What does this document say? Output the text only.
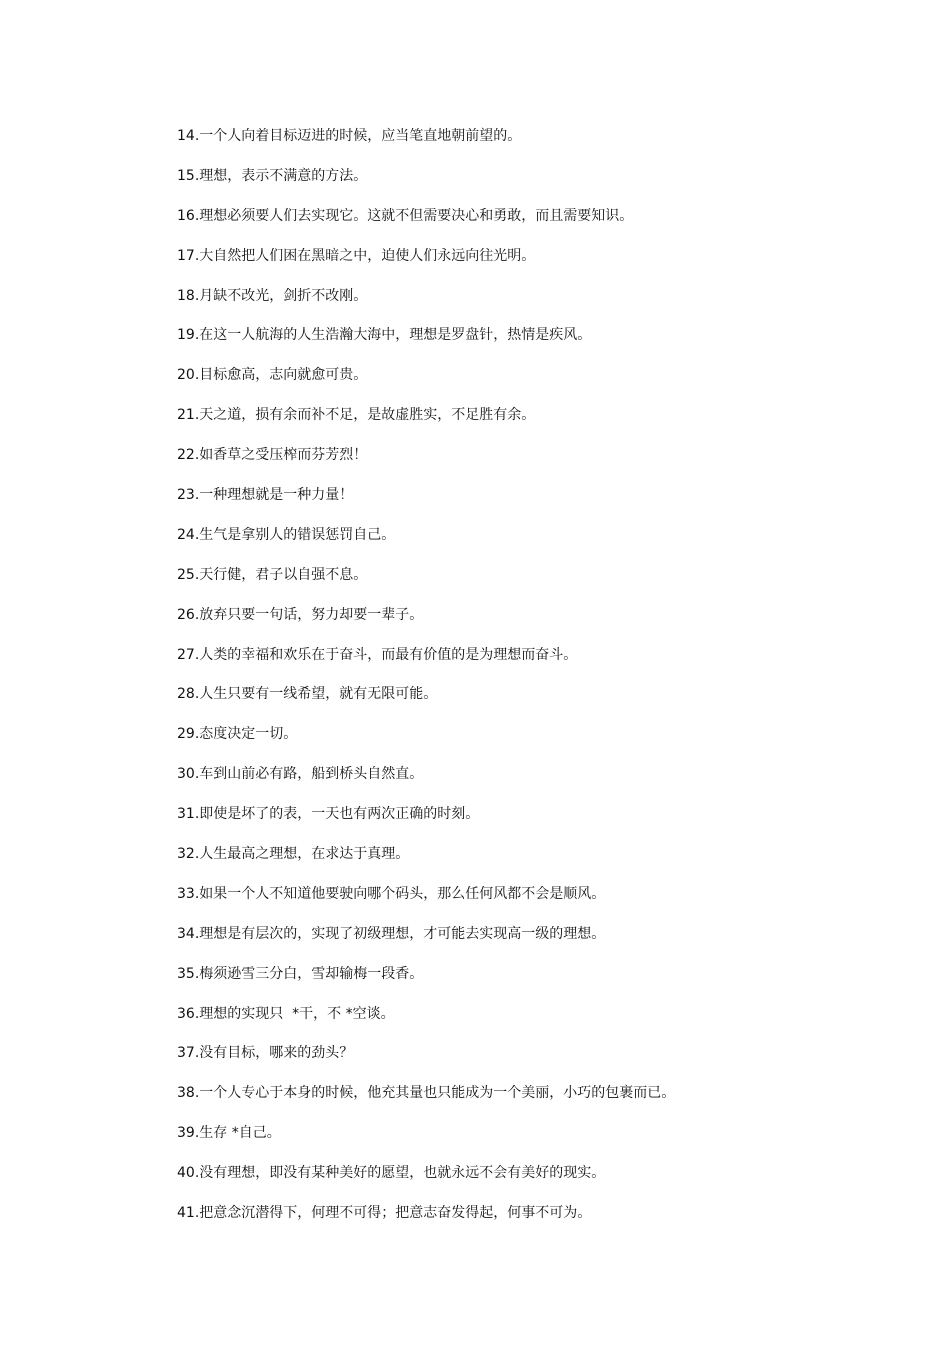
14. 一个人向着目标迈进的时候，应当笔直地朝前望的。
15. 理想，表示不满意的方法。
16. 理想必须要人们去实现它。这就不但需要决心和勇敢，而且需要知识。
17. 大自然把人们困在黑暗之中，迫使人们永远向往光明。
18. 月缺不改光，剑折不改刚。
19. 在这一人航海的人生浩瀚大海中，理想是罗盘针，热情是疾风。
20. 目标愈高，志向就愈可贵。
21. 天之道，损有余而补不足，是故虚胜实，不足胜有余。
22. 如香草之受压榨而芬芳烈！
23. 一种理想就是一种力量！
24. 生气是拿别人的错误惩罚自己。
25. 天行健，君子以自强不息。
26. 放弃只要一句话，努力却要一辈子。
27. 人类的幸福和欢乐在于奋斗，而最有价值的是为理想而奋斗。
28. 人生只要有一线希望，就有无限可能。
29. 态度决定一切。
30. 车到山前必有路，船到桥头自然直。
31. 即使是坏了的表，一天也有两次正确的时刻。
32. 人生最高之理想，在求达于真理。
33. 如果一个人不知道他要驶向哪个码头，那么任何风都不会是顺风。
34. 理想是有层次的，实现了初级理想，才可能去实现高一级的理想。
35. 梅须逊雪三分白，雪却输梅一段香。
36. 理想的实现只  *干，不 *空谈。
37. 没有目标，哪来的劲头？
38. 一个人专心于本身的时候，他充其量也只能成为一个美丽，小巧的包裹而已。
39. 生存 *自己。
40. 没有理想，即没有某种美好的愿望，也就永远不会有美好的现实。
41. 把意念沉潜得下，何理不可得；把意志奋发得起，何事不可为。
